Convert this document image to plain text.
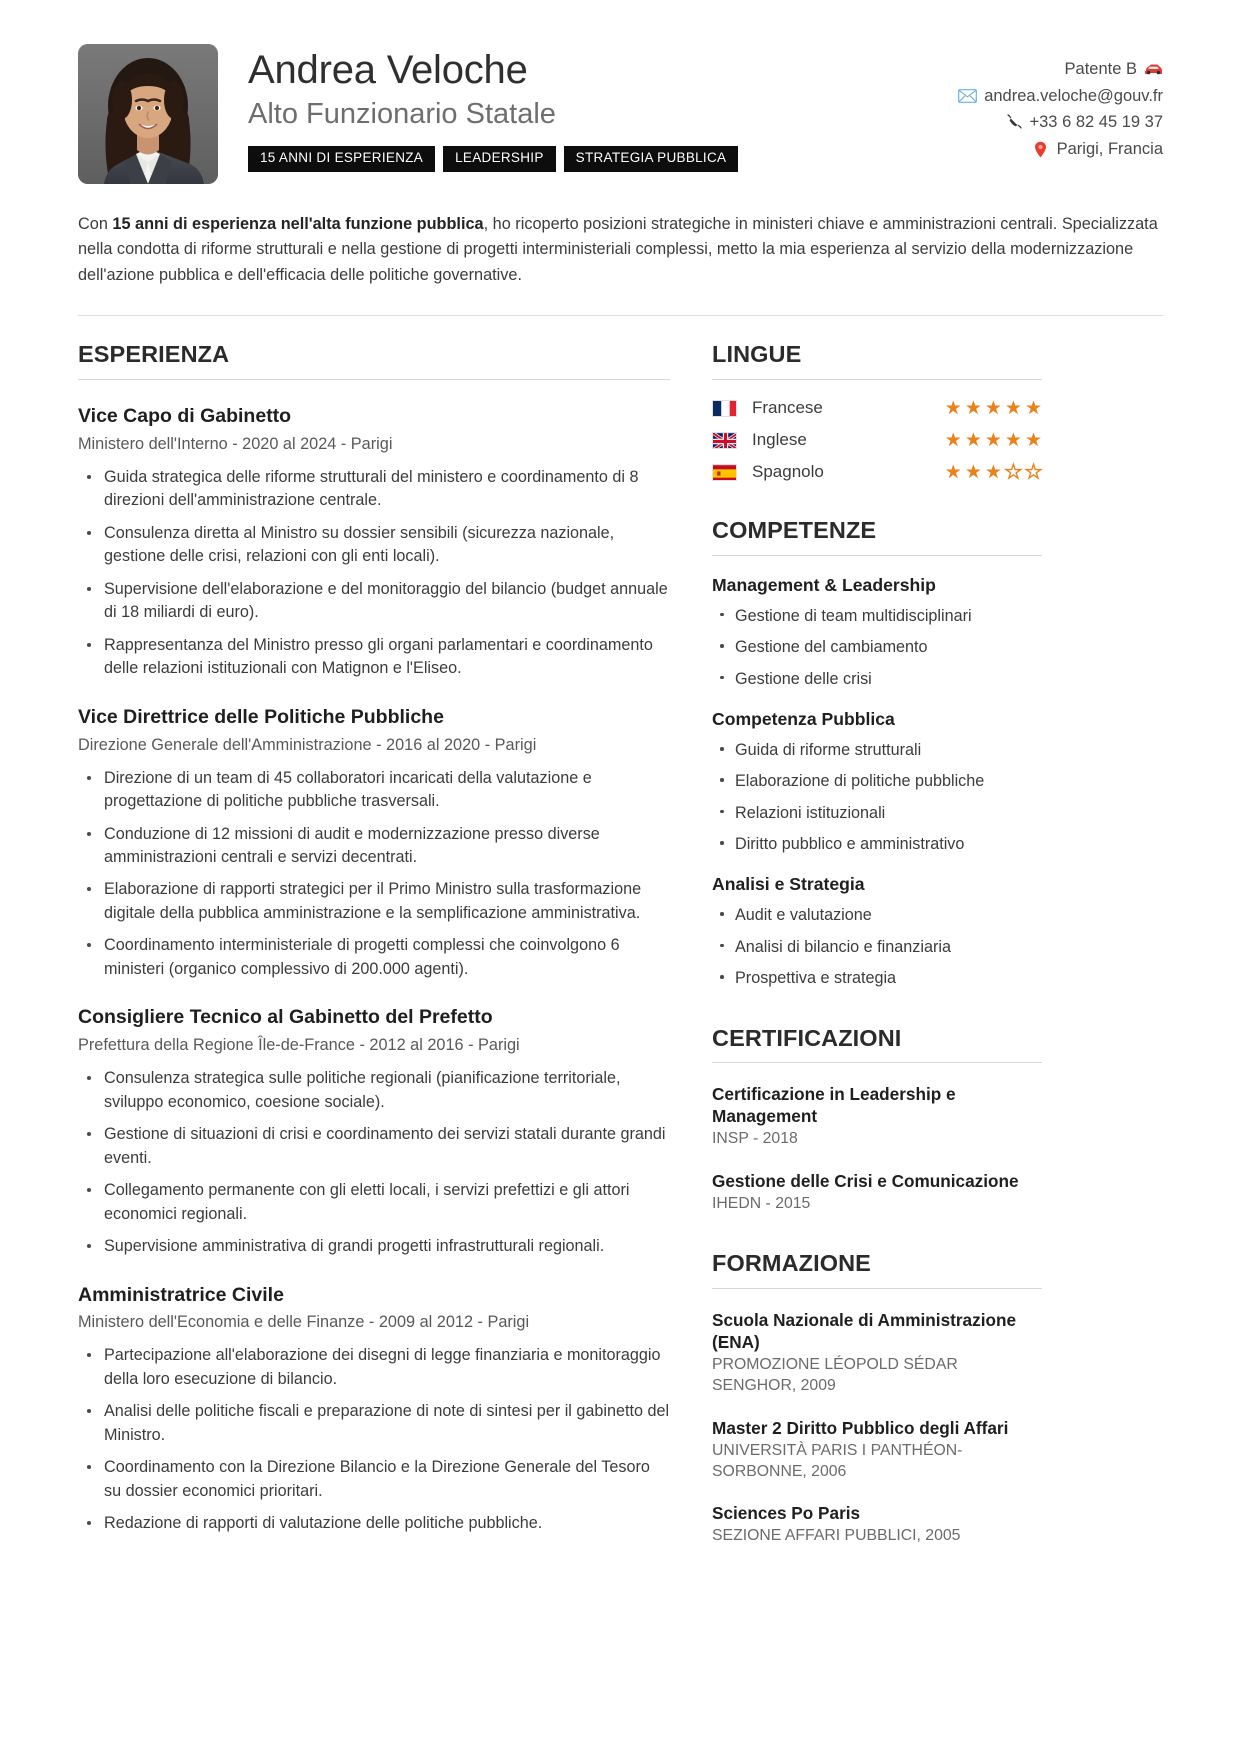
Andrea Veloche
Alto Funzionario Statale
15 ANNI DI ESPERIENZA	LEADERSHIP	STRATEGIA PUBBLICA
Patente B
andrea.veloche@gouv.fr
+33 6 82 45 19 37
Parigi, Francia
Con 15 anni di esperienza nell'alta funzione pubblica, ho ricoperto posizioni strategiche in ministeri chiave e amministrazioni centrali. Specializzata nella condotta di riforme strutturali e nella gestione di progetti interministeriali complessi, metto la mia esperienza al servizio della modernizzazione dell'azione pubblica e dell'efficacia delle politiche governative.
ESPERIENZA
Vice Capo di Gabinetto
Ministero dell'Interno - 2020 al 2024 - Parigi
Guida strategica delle riforme strutturali del ministero e coordinamento di 8 direzioni dell'amministrazione centrale.
Consulenza diretta al Ministro su dossier sensibili (sicurezza nazionale, gestione delle crisi, relazioni con gli enti locali).
Supervisione dell'elaborazione e del monitoraggio del bilancio (budget annuale di 18 miliardi di euro).
Rappresentanza del Ministro presso gli organi parlamentari e coordinamento delle relazioni istituzionali con Matignon e l'Eliseo.
Vice Direttrice delle Politiche Pubbliche
Direzione Generale dell'Amministrazione - 2016 al 2020 - Parigi
Direzione di un team di 45 collaboratori incaricati della valutazione e progettazione di politiche pubbliche trasversali.
Conduzione di 12 missioni di audit e modernizzazione presso diverse amministrazioni centrali e servizi decentrati.
Elaborazione di rapporti strategici per il Primo Ministro sulla trasformazione digitale della pubblica amministrazione e la semplificazione amministrativa.
Coordinamento interministeriale di progetti complessi che coinvolgono 6 ministeri (organico complessivo di 200.000 agenti).
Consigliere Tecnico al Gabinetto del Prefetto
Prefettura della Regione Île-de-France - 2012 al 2016 - Parigi
Consulenza strategica sulle politiche regionali (pianificazione territoriale, sviluppo economico, coesione sociale).
Gestione di situazioni di crisi e coordinamento dei servizi statali durante grandi eventi.
Collegamento permanente con gli eletti locali, i servizi prefettizi e gli attori economici regionali.
Supervisione amministrativa di grandi progetti infrastrutturali regionali.
Amministratrice Civile
Ministero dell'Economia e delle Finanze - 2009 al 2012 - Parigi
Partecipazione all'elaborazione dei disegni di legge finanziaria e monitoraggio della loro esecuzione di bilancio.
Analisi delle politiche fiscali e preparazione di note di sintesi per il gabinetto del Ministro.
Coordinamento con la Direzione Bilancio e la Direzione Generale del Tesoro su dossier economici prioritari.
Redazione di rapporti di valutazione delle politiche pubbliche.
LINGUE
Francese	★ ★ ★ ★ ★
Inglese	★ ★ ★ ★ ★
Spagnolo	★ ★ ★ ★ ★
COMPETENZE
Management & Leadership
Gestione di team multidisciplinari
Gestione del cambiamento
Gestione delle crisi
Competenza Pubblica
Guida di riforme strutturali
Elaborazione di politiche pubbliche
Relazioni istituzionali
Diritto pubblico e amministrativo
Analisi e Strategia
Audit e valutazione
Analisi di bilancio e finanziaria
Prospettiva e strategia
CERTIFICAZIONI
Certificazione in Leadership e Management
INSP - 2018
Gestione delle Crisi e Comunicazione
IHEDN - 2015
FORMAZIONE
Scuola Nazionale di Amministrazione (ENA)
PROMOZIONE LÉOPOLD SÉDAR SENGHOR, 2009
Master 2 Diritto Pubblico degli Affari
UNIVERSITÀ PARIS I PANTHÉON-SORBONNE, 2006
Sciences Po Paris
SEZIONE AFFARI PUBBLICI, 2005
